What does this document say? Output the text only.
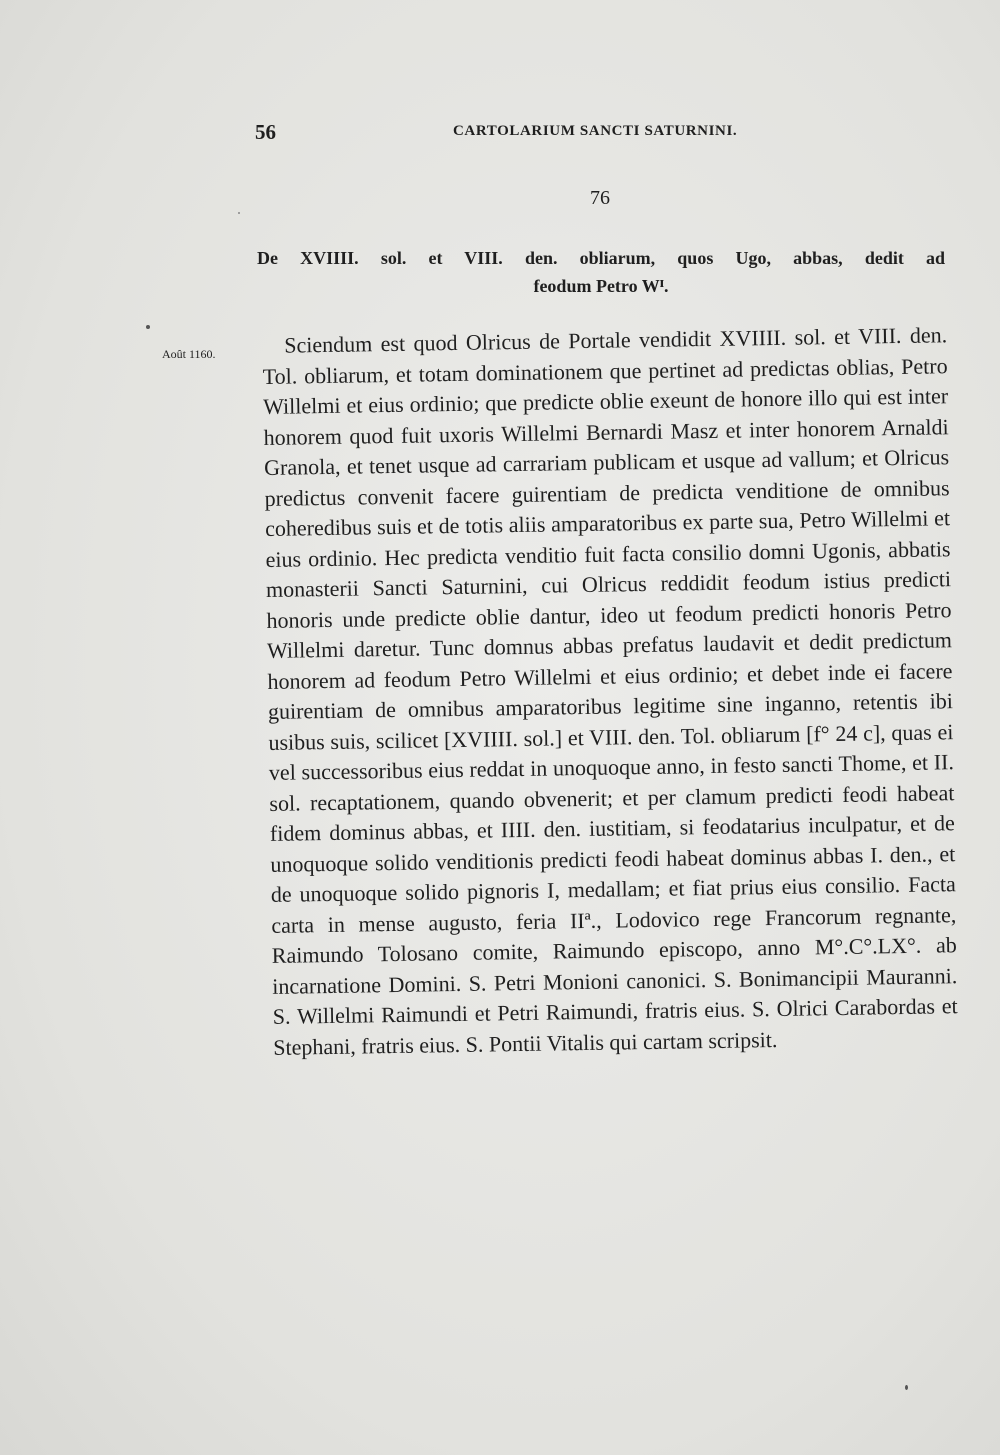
56	CARTOLARIUM SANCTI SATURNINI.
76
De XVIIII. sol. et VIII. den. obliarum, quos Ugo, abbas, dedit ad
feodum Petro Wᴵ.
Août 1160.	Sciendum est quod Olricus de Portale vendidit XVIIII. sol. et VIII. den. Tol. obliarum, et totam dominationem que pertinet ad predictas oblias, Petro Willelmi et eius ordinio; que predicte oblie exeunt de honore illo qui est inter honorem quod fuit uxoris Willelmi Bernardi Masz et inter honorem Arnaldi Granola, et tenet usque ad carrariam publicam et usque ad vallum; et Olricus predictus convenit facere guirentiam de predicta venditione de omnibus coheredibus suis et de totis aliis amparatoribus ex parte sua, Petro Willelmi et eius ordinio. Hec predicta venditio fuit facta consilio domni Ugonis, abbatis monasterii Sancti Saturnini, cui Olricus reddidit feodum istius predicti honoris unde predicte oblie dantur, ideo ut feodum predicti honoris Petro Willelmi daretur. Tunc domnus abbas prefatus laudavit et dedit predictum honorem ad feodum Petro Willelmi et eius ordinio; et debet inde ei facere guirentiam de omnibus amparatoribus legitime sine inganno, retentis ibi usibus suis, scilicet [XVIIII. sol.] et VIII. den. Tol. obliarum [f° 24 c], quas ei vel successoribus eius reddat in unoquoque anno, in festo sancti Thome, et II. sol. recaptationem, quando obvenerit; et per clamum predicti feodi habeat fidem dominus abbas, et IIII. den. iustitiam, si feodatarius inculpatur, et de unoquoque solido venditionis predicti feodi habeat dominus abbas I. den., et de unoquoque solido pignoris I, medallam; et fiat prius eius consilio. Facta carta in mense augusto, feria IIª., Lodovico rege Francorum regnante, Raimundo Tolosano comite, Raimundo episcopo, anno M°.C°.LX°. ab incarnatione Domini. S. Petri Monioni canonici. S. Bonimancipii Mauranni. S. Willelmi Raimundi et Petri Raimundi, fratris eius. S. Olrici Carabordas et Stephani, fratris eius. S. Pontii Vitalis qui cartam scripsit.
